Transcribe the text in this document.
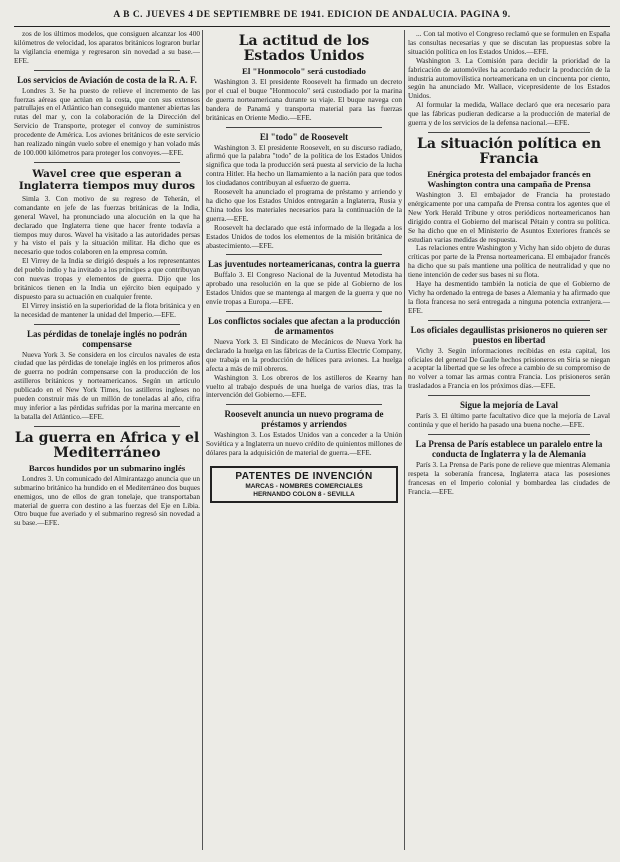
A B C. JUEVES 4 DE SEPTIEMBRE DE 1941. EDICION DE ANDALUCIA. PAGINA 9.
zos de los últimos modelos, que consiguen alcanzar los 400 kilómetros de velocidad, los aparatos británicos lograron burlar la vigilancia enemiga y regresaron sin novedad a su base.—EFE.
Los servicios de Aviación de costa de la R. A. F.
Londres 3. Se ha puesto de relieve el incremento de las fuerzas aéreas que actúan en la costa, que con sus extensos patrullajes en el Atlántico han conseguido mantener abiertas las rutas del mar y, con la colaboración de la Dirección del Servicio de Transporte, proteger el convoy de suministros procedente de América. Los aviones británicos de este servicio han realizado ningún vuelo sobre el enemigo y han volado más de 100.000 kilómetros para proteger los convoyes.—EFE.
Wavel cree que esperan a Inglaterra tiempos muy duros
Simla 3. Con motivo de su regreso de Teherán, el comandante en jefe de las fuerzas británicas de la India, general Wavel, ha pronunciado una alocución en la que ha declarado que Inglaterra tiene que hacer frente todavía a tiempos muy duros. Wavel ha visitado a las autoridades persas y ha visto el país y la situación militar. Ha dicho que es necesario que todos colaboren en la empresa común.
El Virrey de la India se dirigió después a los representantes del pueblo indio y ha invitado a los príncipes a que contribuyan con nuevas tropas y elementos de guerra. Dijo que los británicos tienen en la India un ejército bien equipado y dispuesto para su actuación en cualquier frente.
El Virrey insistió en la superioridad de la flota británica y en la necesidad de mantener la unidad del Imperio.—EFE.
Las pérdidas de tonelaje inglés no podrán compensarse
Nueva York 3. Se considera en los círculos navales de esta ciudad que las pérdidas de tonelaje inglés en los primeros años de guerra no podrán compensarse con la producción de los astilleros británicos y norteamericanos. Según un artículo publicado en el New York Times, los astilleros ingleses no pueden construir más de un millón de toneladas al año, cifra muy inferior a las pérdidas sufridas por la marina mercante en la batalla del Atlántico.—EFE.
La guerra en Africa y el Mediterráneo
Barcos hundidos por un submarino inglés
Londres 3. Un comunicado del Almirantazgo anuncia que un submarino británico ha hundido en el Mediterráneo dos buques enemigos, uno de ellos de gran tonelaje, que transportaban material de guerra con destino a las fuerzas del Eje en Libia. Otro buque fue averiado y el submarino regresó sin novedad a su base.—EFE.
La actitud de los Estados Unidos
El "Honmocolo" será custodiado
Washington 3. El presidente Roosevelt ha firmado un decreto por el cual el buque "Honmocolo" será custodiado por la marina de guerra norteamericana durante su viaje. El buque navega con bandera de Panamá y transporta material para las fuerzas británicas en Oriente Medio.—EFE.
El "todo" de Roosevelt
Washington 3. El presidente Roosevelt, en su discurso radiado, afirmó que la palabra "todo" de la política de los Estados Unidos significa que toda la producción será puesta al servicio de la lucha contra Hitler. Ha hecho un llamamiento a la nación para que todos los ciudadanos contribuyan al esfuerzo de guerra.
Roosevelt ha anunciado el programa de préstamo y arriendo y ha dicho que los Estados Unidos entregarán a Inglaterra, Rusia y China todos los materiales necesarios para la continuación de la guerra.—EFE.
Roosevelt ha declarado que está informado de la llegada a los Estados Unidos de todos los elementos de la misión británica de abastecimiento.—EFE.
Las juventudes norteamericanas, contra la guerra
Buffalo 3. El Congreso Nacional de la Juventud Metodista ha aprobado una resolución en la que se pide al Gobierno de los Estados Unidos que se mantenga al margen de la guerra y que no envíe tropas a Europa.—EFE.
Los conflictos sociales que afectan a la producción de armamentos
Nueva York 3. El Sindicato de Mecánicos de Nueva York ha declarado la huelga en las fábricas de la Curtiss Electric Company, que trabaja en la producción de hélices para aviones. La huelga afecta a más de mil obreros.
Washington 3. Los obreros de los astilleros de Kearny han vuelto al trabajo después de una huelga de varios días, tras la intervención del Gobierno.—EFE.
Roosevelt anuncia un nuevo programa de préstamos y arriendos
Washington 3. Los Estados Unidos van a conceder a la Unión Soviética y a Inglaterra un nuevo crédito de quinientos millones de dólares para la adquisición de material de guerra.—EFE.
PATENTES DE INVENCIÓN
MARCAS - NOMBRES COMERCIALES
HERNANDO COLON 8 - SEVILLA
... Con tal motivo el Congreso reclamó que se formulen en España las consultas necesarias y que se discutan las propuestas sobre la situación política en los Estados Unidos.—EFE.
Washington 3. La Comisión para decidir la prioridad de la fabricación de automóviles ha acordado reducir la producción de la industria automovilística norteamericana en un cincuenta por ciento, según ha anunciado Mr. Wallace, vicepresidente de los Estados Unidos.
Al formular la medida, Wallace declaró que era necesario para que las fábricas pudieran dedicarse a la producción de material de guerra y de los servicios de la defensa nacional.—EFE.
La situación política en Francia
Enérgica protesta del embajador francés en Washington contra una campaña de Prensa
Washington 3. El embajador de Francia ha protestado enérgicamente por una campaña de Prensa contra los agentes que el New York Herald Tribune y otros periódicos norteamericanos han dirigido contra el Gobierno del mariscal Pétain y contra su política. Se ha dicho que en el Ministerio de Asuntos Exteriores francés se estudian varias medidas de respuesta.
Las relaciones entre Washington y Vichy han sido objeto de duras críticas por parte de la Prensa norteamericana. El embajador francés ha dicho que su país mantiene una política de neutralidad y que no tiene intención de ceder sus bases ni su flota.
Haye ha desmentido también la noticia de que el Gobierno de Vichy ha ordenado la entrega de bases a Alemania y ha afirmado que la flota francesa no será entregada a ninguna potencia extranjera.—EFE.
Los oficiales degaullistas prisioneros no quieren ser puestos en libertad
Vichy 3. Según informaciones recibidas en esta capital, los oficiales del general De Gaulle hechos prisioneros en Siria se niegan a aceptar la libertad que se les ofrece a cambio de su compromiso de no volver a tomar las armas contra Francia. Los prisioneros serán trasladados a Francia en los próximos días.—EFE.
Sigue la mejoría de Laval
París 3. El último parte facultativo dice que la mejoría de Laval continúa y que el herido ha pasado una buena noche.—EFE.
La Prensa de París establece un paralelo entre la conducta de Inglaterra y la de Alemania
París 3. La Prensa de París pone de relieve que mientras Alemania respeta la soberanía francesa, Inglaterra ataca las posesiones francesas en el Imperio colonial y bombardea las ciudades de Francia.—EFE.
